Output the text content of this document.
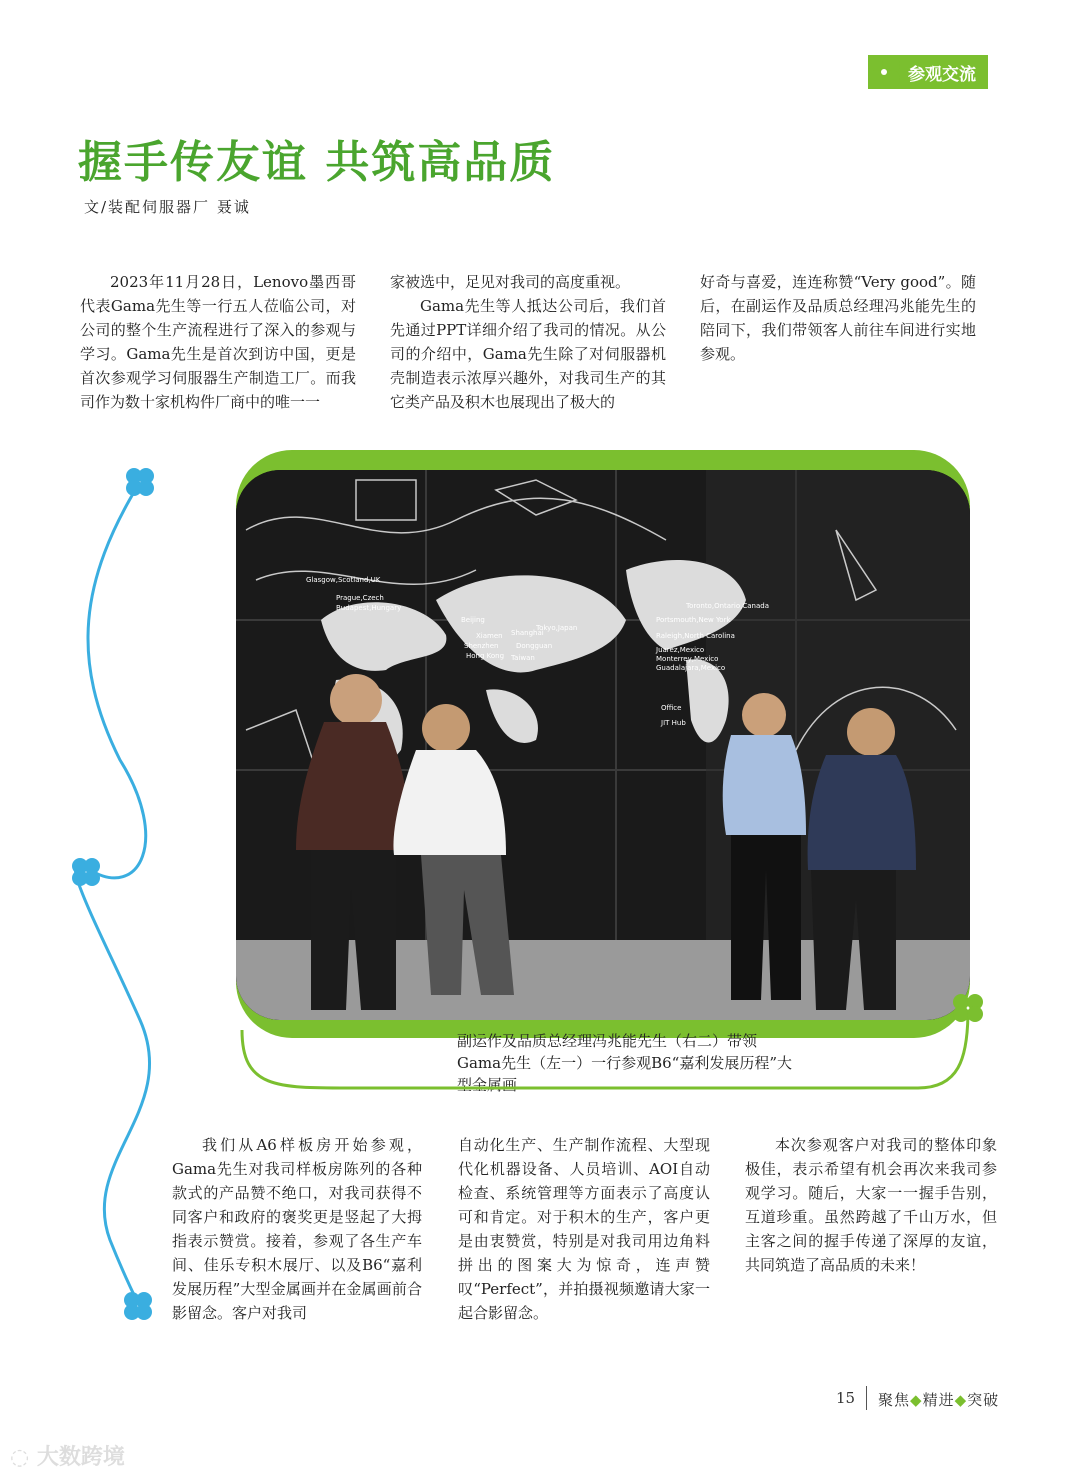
参观交流
握手传友谊 共筑高品质
文/装配伺服器厂 聂诚

2023年11月28日，Lenovo墨西哥代表Gama先生等一行五人莅临公司，对公司的整个生产流程进行了深入的参观与学习。Gama先生是首次到访中国，更是首次参观学习伺服器生产制造工厂。而我司作为数十家机构件厂商中的唯一一

家被选中，足见对我司的高度重视。

Gama先生等人抵达公司后，我们首先通过PPT详细介绍了我司的情况。从公司的介绍中，Gama先生除了对伺服器机壳制造表示浓厚兴趣外，对我司生产的其它类产品及积木也展现出了极大的

好奇与喜爱，连连称赞“Very good”。随后，在副运作及品质总经理冯兆能先生的陪同下，我们带领客人前往车间进行实地参观。

Glasgow,Scotland,UK
Prague,Czech
Budapest,Hungary
Beijing
Xiamen Shanghai
Shenzhen	Dongguan
Hong Kong Taiwan
Tokyo,Japan
Portsmouth,New York
Raleigh,North Carolina
Toronto,Ontario,Canada
Juarez,Mexico
Monterrey,Mexico
Guadalajara,Mexico
Office
JIT Hub
副运作及品质总经理冯兆能先生（右二）带领Gama先生（左一）一行参观B6“嘉利发展历程”大型金属画

我们从A6样板房开始参观，Gama先生对我司样板房陈列的各种款式的产品赞不绝口，对我司获得不同客户和政府的褒奖更是竖起了大拇指表示赞赏。接着，参观了各生产车间、佳乐专积木展厅、以及B6“嘉利发展历程”大型金属画并在金属画前合影留念。客户对我司

自动化生产、生产制作流程、大型现代化机器设备、人员培训、AOI自动检查、系统管理等方面表示了高度认可和肯定。对于积木的生产，客户更是由衷赞赏，特别是对我司用边角料拼出的图案大为惊奇，连声赞叹“Perfect”，并拍摄视频邀请大家一起合影留念。

本次参观客户对我司的整体印象极佳，表示希望有机会再次来我司参观学习。随后，大家一一握手告别，互道珍重。虽然跨越了千山万水，但主客之间的握手传递了深厚的友谊，共同筑造了高品质的未来！

15 聚焦◆精进◆突破
◌ 大数跨境
